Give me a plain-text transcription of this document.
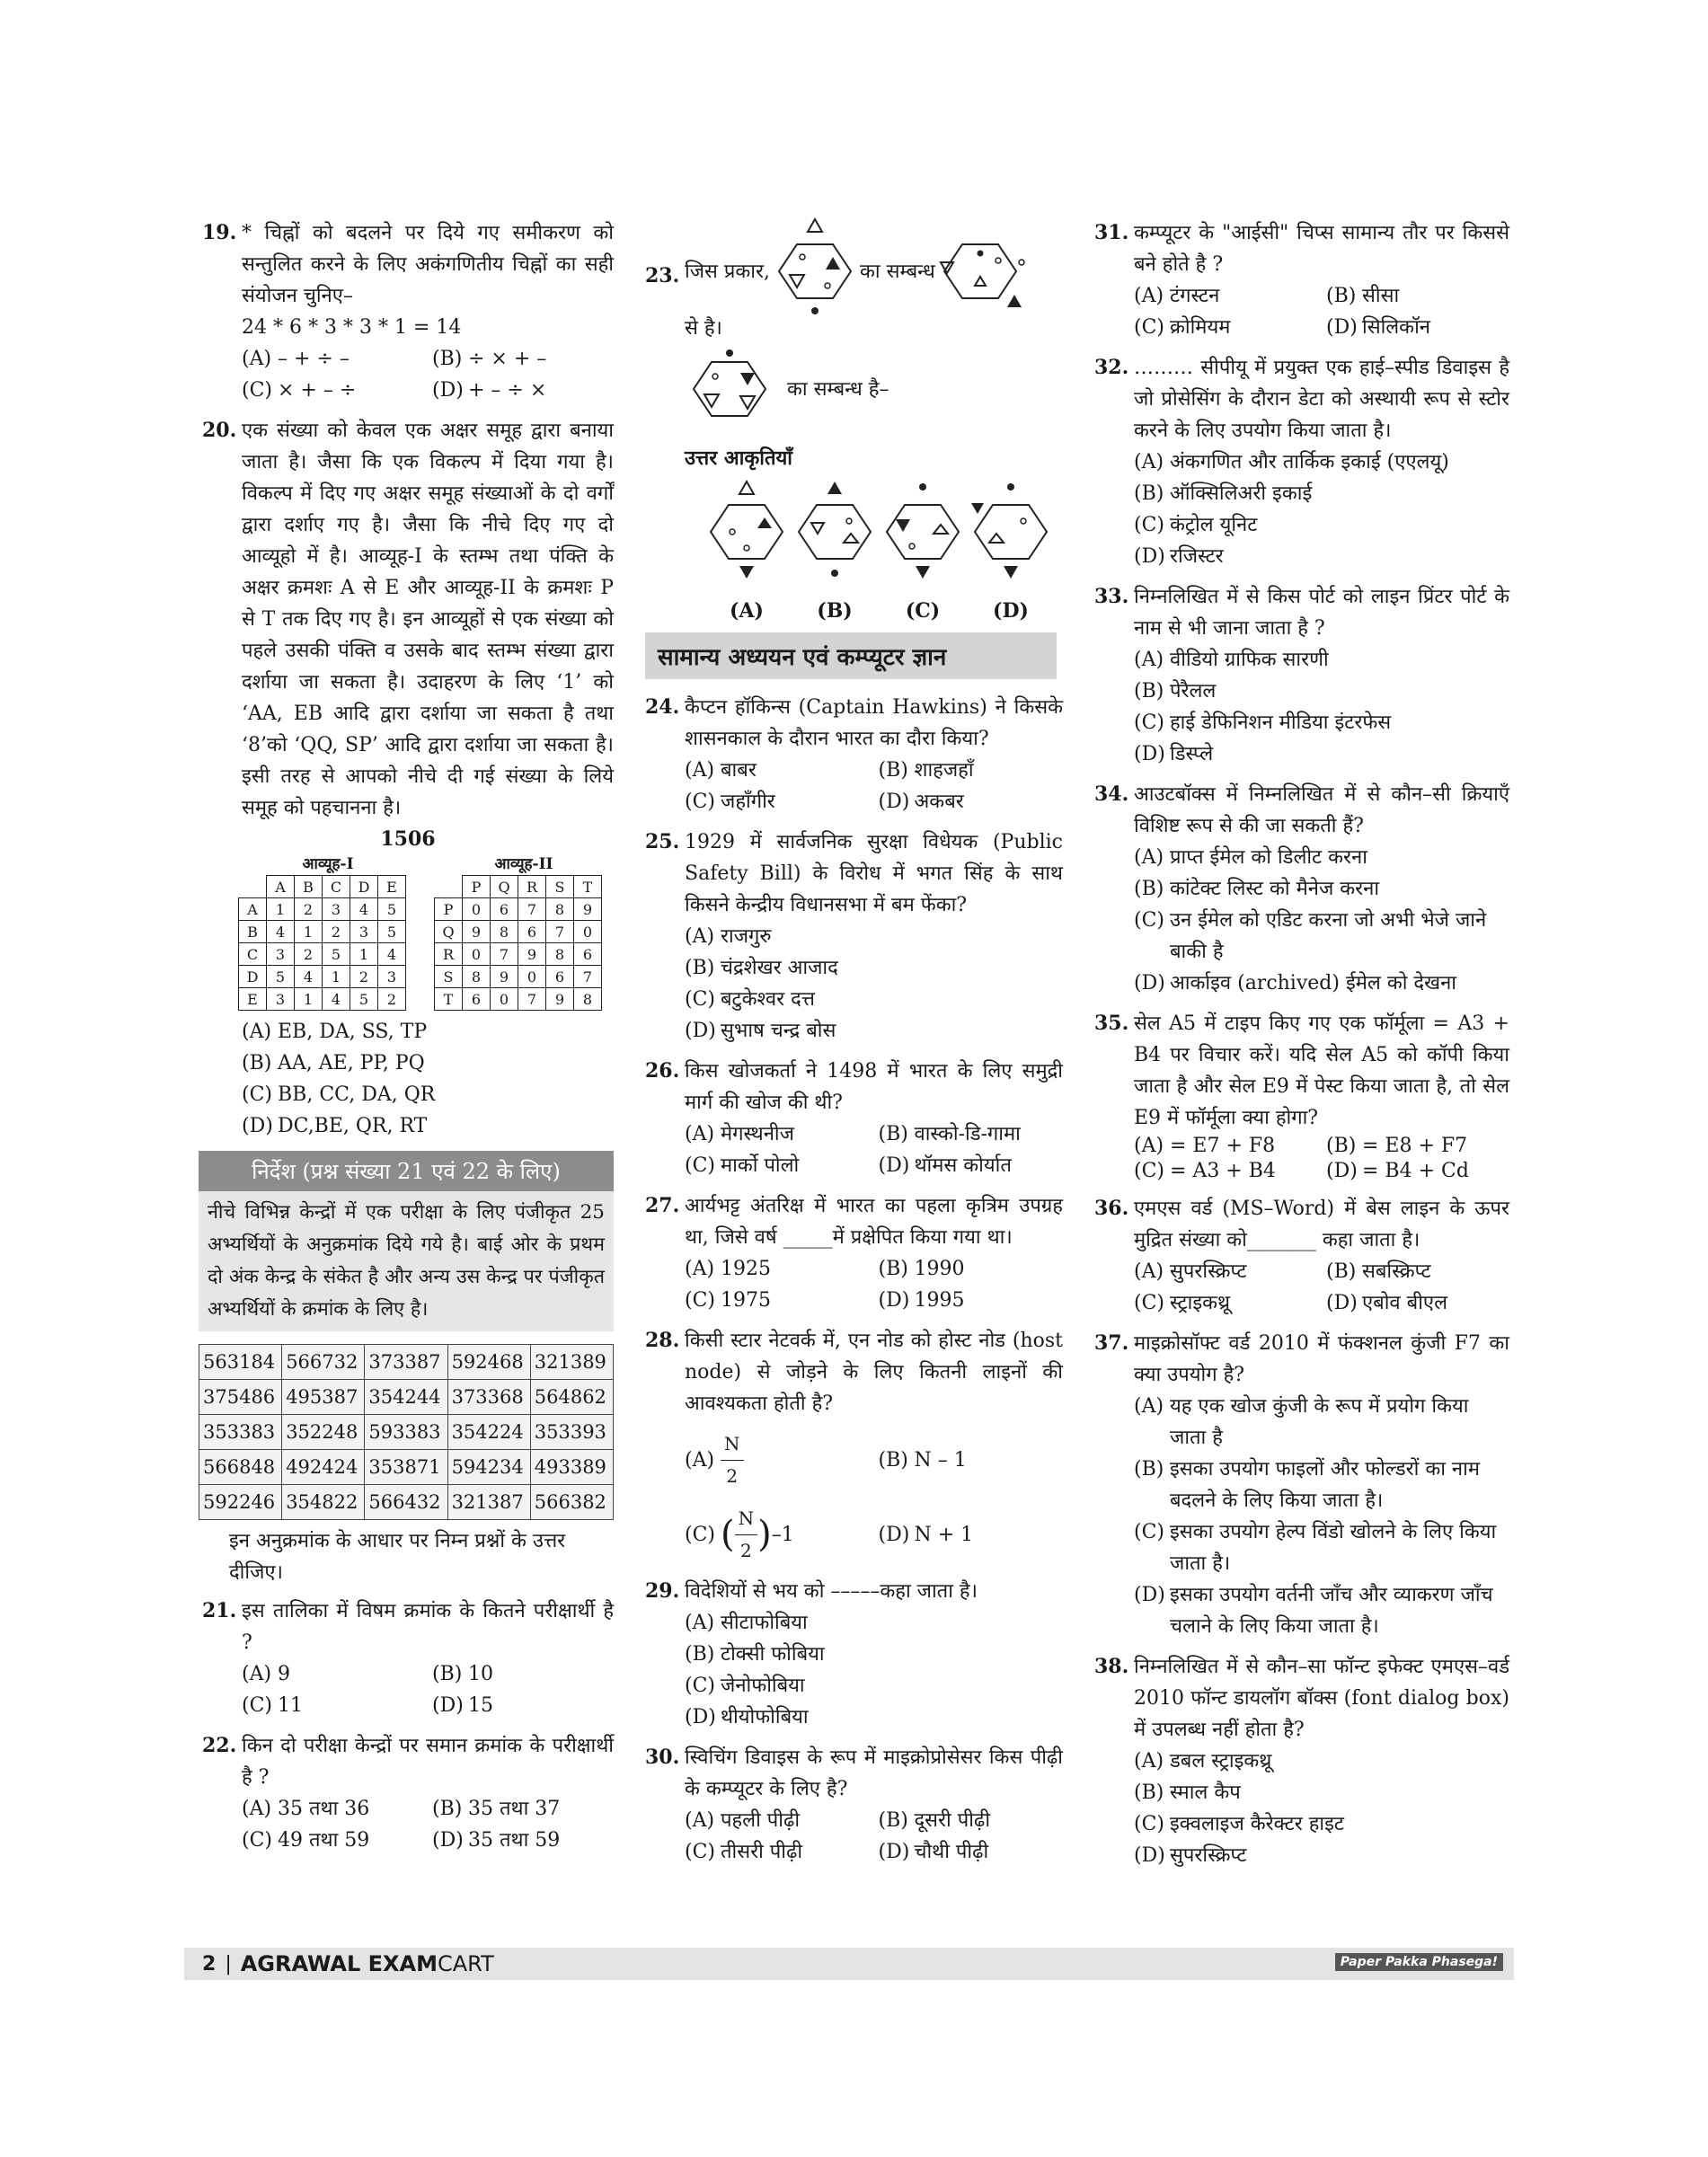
19. * चिह्नों को बदलने पर दिये गए समीकरण को सन्तुलित करने के लिए अकंगणितीय चिह्नों का सही संयोजन चुनिए–
24 * 6 * 3 * 3 * 1 = 14
(A) – + ÷ –	(B) ÷ × + –
(C) × + – ÷	(D) + – ÷ ×
20. एक संख्या को केवल एक अक्षर समूह द्वारा बनाया जाता है। जैसा कि एक विकल्प में दिया गया है। विकल्प में दिए गए अक्षर समूह संख्याओं के दो वर्गों द्वारा दर्शाए गए है। जैसा कि नीचे दिए गए दो आव्यूहो में है। आव्यूह-I के स्तम्भ तथा पंक्ति के अक्षर क्रमशः A से E और आव्यूह-II के क्रमशः P से T तक दिए गए है। इन आव्यूहों से एक संख्या को पहले उसकी पंक्ति व उसके बाद स्तम्भ संख्या द्वारा दर्शाया जा सकता है। उदाहरण के लिए ‘1’ को ‘AA, EB आदि द्वारा दर्शाया जा सकता है तथा ‘8’को ‘QQ, SP’ आदि द्वारा दर्शाया जा सकता है। इसी तरह से आपको नीचे दी गई संख्या के लिये समूह को पहचानना है।
1506
आव्यूह-I
	A	B	C	D	E
A	1	2	3	4	5
B	4	1	2	3	5
C	3	2	5	1	4
D	5	4	1	2	3
E	3	1	4	5	2
आव्यूह-II
	P	Q	R	S	T
P	0	6	7	8	9
Q	9	8	6	7	0
R	0	7	9	8	6
S	8	9	0	6	7
T	6	0	7	9	8
(A) EB, DA, SS, TP
(B) AA, AE, PP, PQ
(C) BB, CC, DA, QR
(D) DC,BE, QR, RT
निर्देश (प्रश्न संख्या 21 एवं 22 के लिए)
नीचे विभिन्न केन्द्रों में एक परीक्षा के लिए पंजीकृत 25 अभ्यर्थियों के अनुक्रमांक दिये गये है। बाई ओर के प्रथम दो अंक केन्द्र के संकेत है और अन्य उस केन्द्र पर पंजीकृत अभ्यर्थियों के क्रमांक के लिए है।
563184	566732	373387	592468	321389
375486	495387	354244	373368	564862
353383	352248	593383	354224	353393
566848	492424	353871	594234	493389
592246	354822	566432	321387	566382
इन अनुक्रमांक के आधार पर निम्न प्रश्नों के उत्तर दीजिए।
21. इस तालिका में विषम क्रमांक के कितने परीक्षार्थी है ?
(A) 9	(B) 10
(C) 11	(D) 15
22. किन दो परीक्षा केन्द्रों पर समान क्रमांक के परीक्षार्थी है ?
(A) 35 तथा 36	(B) 35 तथा 37
(C) 49 तथा 59	(D) 35 तथा 59
23. जिस प्रकार,	का सम्बन्ध
से है।
का सम्बन्ध है–
उत्तर आकृतियाँ
(A)	(B)	(C)	(D)
सामान्य अध्ययन एवं कम्प्यूटर ज्ञान
24. कैप्टन हॉकिन्स (Captain Hawkins) ने किसके शासनकाल के दौरान भारत का दौरा किया?
(A) बाबर	(B) शाहजहाँ
(C) जहाँगीर	(D) अकबर
25. 1929 में सार्वजनिक सुरक्षा विधेयक (Public Safety Bill) के विरोध में भगत सिंह के साथ किसने केन्द्रीय विधानसभा में बम फेंका?
(A) राजगुरु
(B) चंद्रशेखर आजाद
(C) बटुकेश्वर दत्त
(D) सुभाष चन्द्र बोस
26. किस खोजकर्ता ने 1498 में भारत के लिए समुद्री मार्ग की खोज की थी?
(A) मेगस्थनीज	(B) वास्को-डि-गामा
(C) मार्को पोलो	(D) थॉमस कोर्यात
27. आर्यभट्ट अंतरिक्ष में भारत का पहला कृत्रिम उपग्रह था, जिसे वर्ष _____में प्रक्षेपित किया गया था।
(A) 1925	(B) 1990
(C) 1975	(D) 1995
28. किसी स्टार नेटवर्क में, एन नोड को होस्ट नोड (host node) से जोड़ने के लिए कितनी लाइनों की आवश्यकता होती है?
$(A) \frac{N}{2}$	(B) N – 1
(C) ( $\frac{N}{2}$ ) –1	(D) N + 1
29. विदेशियों से भय को –––––कहा जाता है।
(A) सीटाफोबिया
(B) टोक्सी फोबिया
(C) जेनोफोबिया
(D) थीयोफोबिया
30. स्विचिंग डिवाइस के रूप में माइक्रोप्रोसेसर किस पीढ़ी के कम्प्यूटर के लिए है?
(A) पहली पीढ़ी	(B) दूसरी पीढ़ी
(C) तीसरी पीढ़ी	(D) चौथी पीढ़ी
31. कम्प्यूटर के "आईसी" चिप्स सामान्य तौर पर किससे बने होते है ?
(A) टंगस्टन	(B) सीसा
(C) क्रोमियम	(D) सिलिकॉन
32. ……… सीपीयू में प्रयुक्त एक हाई–स्पीड डिवाइस है जो प्रोसेसिंग के दौरान डेटा को अस्थायी रूप से स्टोर करने के लिए उपयोग किया जाता है।
(A) अंकगणित और तार्किक इकाई (एएलयू)
(B) ऑक्सिलिअरी इकाई
(C) कंट्रोल यूनिट
(D) रजिस्टर
33. निम्नलिखित में से किस पोर्ट को लाइन प्रिंटर पोर्ट के नाम से भी जाना जाता है ?
(A) वीडियो ग्राफिक सारणी
(B) पेरैलल
(C) हाई डेफिनिशन मीडिया इंटरफेस
(D) डिस्प्ले
34. आउटबॉक्स में निम्नलिखित में से कौन–सी क्रियाएँ विशिष्ट रूप से की जा सकती हैं?
(A) प्राप्त ईमेल को डिलीट करना
(B) कांटेक्ट लिस्ट को मैनेज करना
(C) उन ईमेल को एडिट करना जो अभी भेजे जाने बाकी है
(D) आर्काइव (archived) ईमेल को देखना
35. सेल A5 में टाइप किए गए एक फॉर्मूला = A3 + B4 पर विचार करें। यदि सेल A5 को कॉपी किया जाता है और सेल E9 में पेस्ट किया जाता है, तो सेल E9 में फॉर्मूला क्या होगा?
(A) = E7 + F8	(B) = E8 + F7
(C) = A3 + B4	(D) = B4 + Cd
36. एमएस वर्ड (MS–Word) में बेस लाइन के ऊपर मुद्रित संख्या को_______ कहा जाता है।
(A) सुपरस्क्रिप्ट	(B) सबस्क्रिप्ट
(C) स्ट्राइकथ्रू	(D) एबोव बीएल
37. माइक्रोसॉफ्ट वर्ड 2010 में फंक्शनल कुंजी F7 का क्या उपयोग है?
(A) यह एक खोज कुंजी के रूप में प्रयोग किया जाता है
(B) इसका उपयोग फाइलों और फोल्डरों का नाम बदलने के लिए किया जाता है।
(C) इसका उपयोग हेल्प विंडो खोलने के लिए किया जाता है।
(D) इसका उपयोग वर्तनी जाँच और व्याकरण जाँच चलाने के लिए किया जाता है।
38. निम्नलिखित में से कौन–सा फॉन्ट इफेक्ट एमएस–वर्ड 2010 फॉन्ट डायलॉग बॉक्स (font dialog box) में उपलब्ध नहीं होता है?
(A) डबल स्ट्राइकथ्रू
(B) स्माल कैप
(C) इक्वलाइज कैरेक्टर हाइट
(D) सुपरस्क्रिप्ट
2 | AGRAWAL EXAM CART	Paper Pakka Phasega!
